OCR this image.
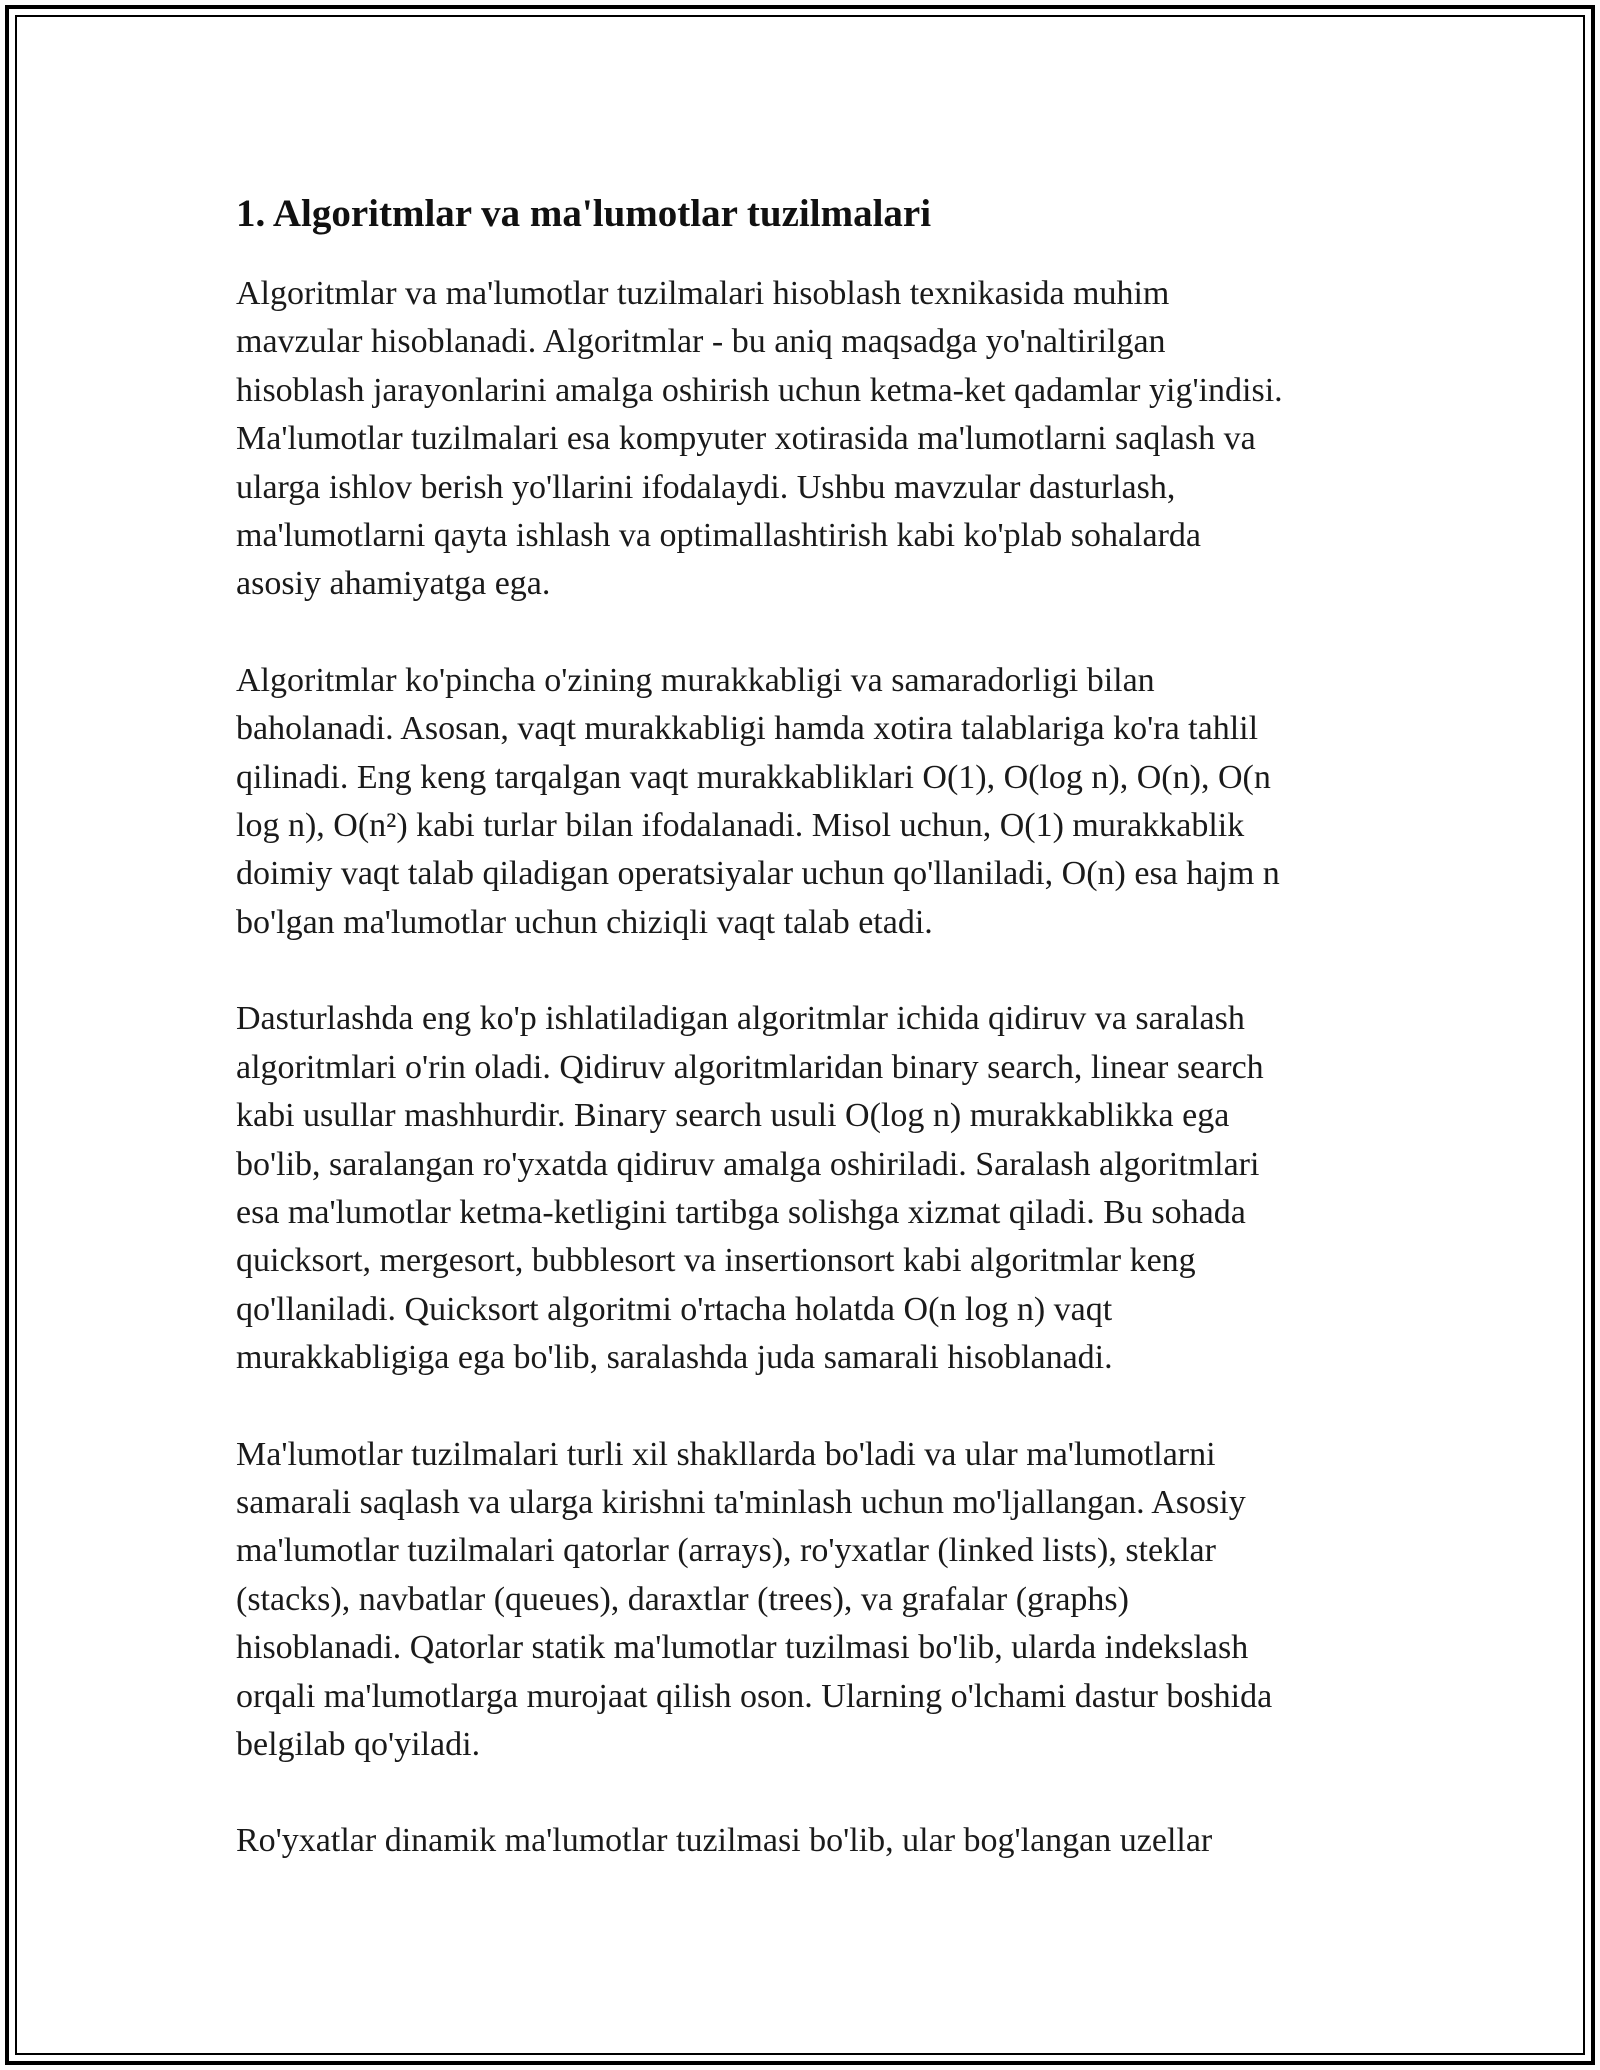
1. Algoritmlar va ma'lumotlar tuzilmalari

Algoritmlar va ma'lumotlar tuzilmalari hisoblash texnikasida muhim
mavzular hisoblanadi. Algoritmlar - bu aniq maqsadga yo'naltirilgan
hisoblash jarayonlarini amalga oshirish uchun ketma-ket qadamlar yig'indisi.
Ma'lumotlar tuzilmalari esa kompyuter xotirasida ma'lumotlarni saqlash va
ularga ishlov berish yo'llarini ifodalaydi. Ushbu mavzular dasturlash,
ma'lumotlarni qayta ishlash va optimallashtirish kabi ko'plab sohalarda
asosiy ahamiyatga ega.

Algoritmlar ko'pincha o'zining murakkabligi va samaradorligi bilan
baholanadi. Asosan, vaqt murakkabligi hamda xotira talablariga ko'ra tahlil
qilinadi. Eng keng tarqalgan vaqt murakkabliklari O(1), O(log n), O(n), O(n
log n), O(n²) kabi turlar bilan ifodalanadi. Misol uchun, O(1) murakkablik
doimiy vaqt talab qiladigan operatsiyalar uchun qo'llaniladi, O(n) esa hajm n
bo'lgan ma'lumotlar uchun chiziqli vaqt talab etadi.

Dasturlashda eng ko'p ishlatiladigan algoritmlar ichida qidiruv va saralash
algoritmlari o'rin oladi. Qidiruv algoritmlaridan binary search, linear search
kabi usullar mashhurdir. Binary search usuli O(log n) murakkablikka ega
bo'lib, saralangan ro'yxatda qidiruv amalga oshiriladi. Saralash algoritmlari
esa ma'lumotlar ketma-ketligini tartibga solishga xizmat qiladi. Bu sohada
quicksort, mergesort, bubblesort va insertionsort kabi algoritmlar keng
qo'llaniladi. Quicksort algoritmi o'rtacha holatda O(n log n) vaqt
murakkabligiga ega bo'lib, saralashda juda samarali hisoblanadi.

Ma'lumotlar tuzilmalari turli xil shakllarda bo'ladi va ular ma'lumotlarni
samarali saqlash va ularga kirishni ta'minlash uchun mo'ljallangan. Asosiy
ma'lumotlar tuzilmalari qatorlar (arrays), ro'yxatlar (linked lists), steklar
(stacks), navbatlar (queues), daraxtlar (trees), va grafalar (graphs)
hisoblanadi. Qatorlar statik ma'lumotlar tuzilmasi bo'lib, ularda indekslash
orqali ma'lumotlarga murojaat qilish oson. Ularning o'lchami dastur boshida
belgilab qo'yiladi.

Ro'yxatlar dinamik ma'lumotlar tuzilmasi bo'lib, ular bog'langan uzellar
